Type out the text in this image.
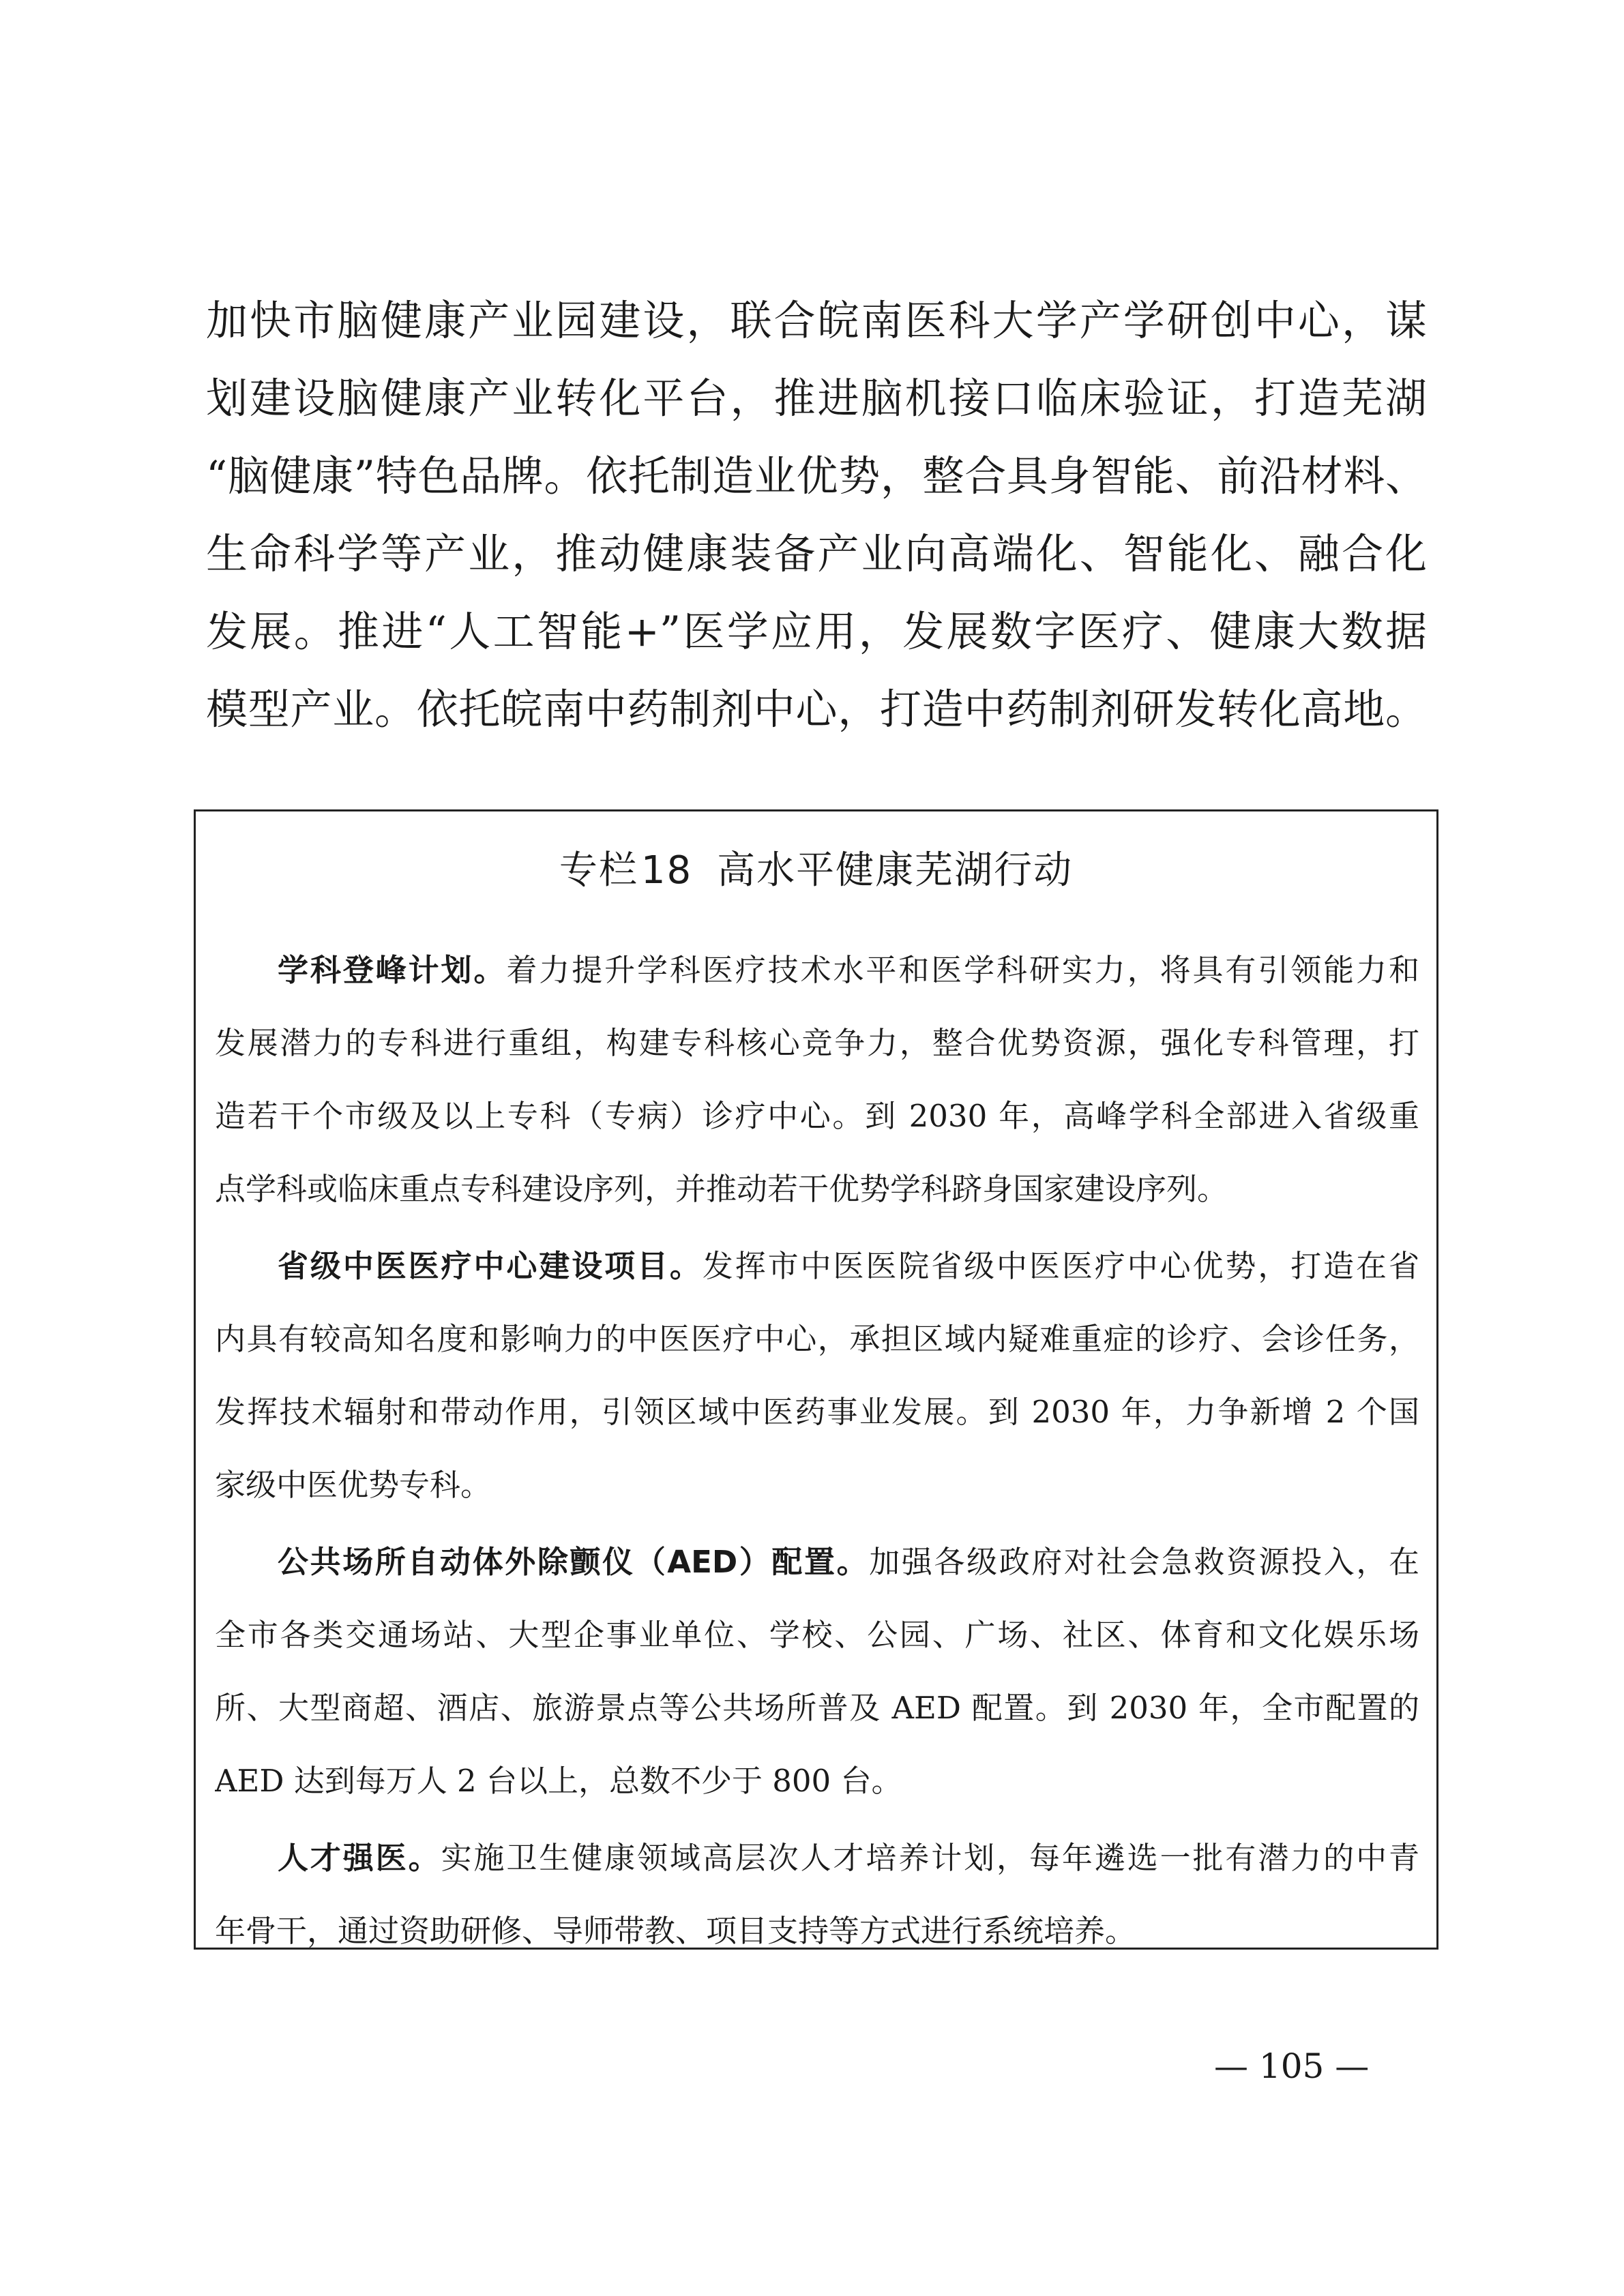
加快市脑健康产业园建设，联合皖南医科大学产学研创中心，谋
划建设脑健康产业转化平台，推进脑机接口临床验证，打造芜湖
“脑健康”特色品牌。依托制造业优势，整合具身智能、前沿材料、
生命科学等产业，推动健康装备产业向高端化、智能化、融合化
发展。推进“人工智能+”医学应用，发展数字医疗、健康大数据
模型产业。依托皖南中药制剂中心，打造中药制剂研发转化高地。
专栏18 高水平健康芜湖行动
学科登峰计划。着力提升学科医疗技术水平和医学科研实力，将具有引领能力和
发展潜力的专科进行重组，构建专科核心竞争力，整合优势资源，强化专科管理，打
造若干个市级及以上专科（专病）诊疗中心。到 2030 年，高峰学科全部进入省级重
点学科或临床重点专科建设序列，并推动若干优势学科跻身国家建设序列。
省级中医医疗中心建设项目。发挥市中医医院省级中医医疗中心优势，打造在省
内具有较高知名度和影响力的中医医疗中心，承担区域内疑难重症的诊疗、会诊任务，
发挥技术辐射和带动作用，引领区域中医药事业发展。到 2030 年，力争新增 2 个国
家级中医优势专科。
公共场所自动体外除颤仪（AED）配置。加强各级政府对社会急救资源投入，在
全市各类交通场站、大型企事业单位、学校、公园、广场、社区、体育和文化娱乐场
所、大型商超、酒店、旅游景点等公共场所普及 AED 配置。到 2030 年，全市配置的
AED 达到每万人 2 台以上，总数不少于 800 台。
人才强医。实施卫生健康领域高层次人才培养计划，每年遴选一批有潜力的中青
年骨干，通过资助研修、导师带教、项目支持等方式进行系统培养。
— 105 —
